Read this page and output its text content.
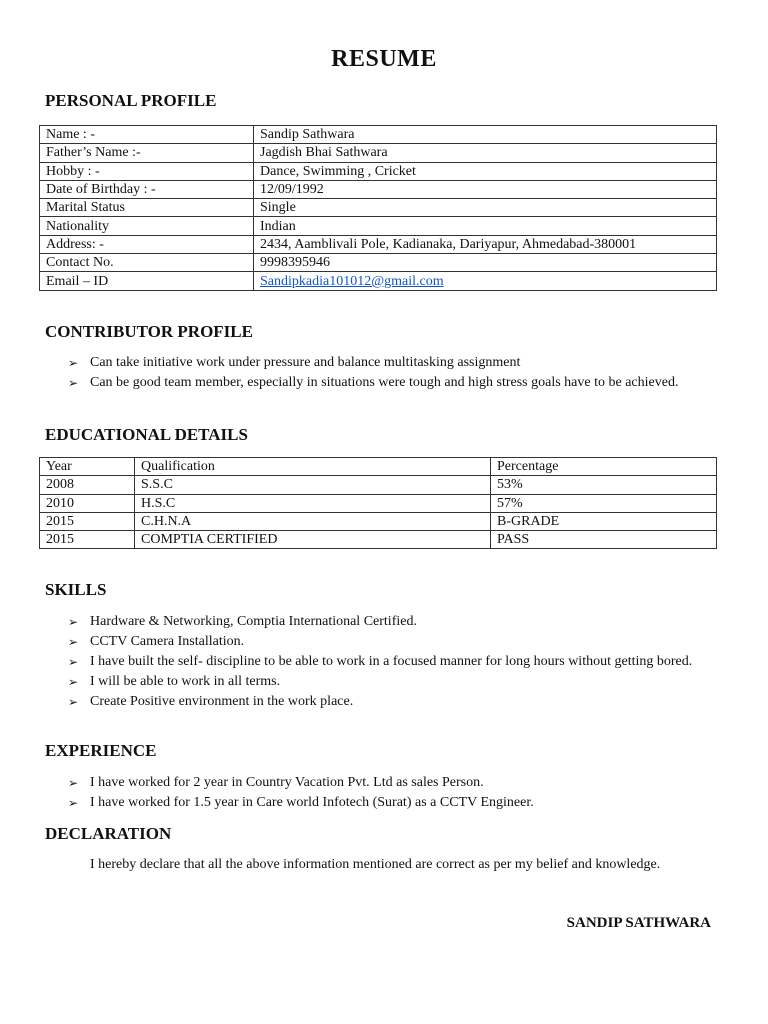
RESUME
PERSONAL PROFILE
Name : -	Sandip Sathwara
Father’s Name :-	Jagdish Bhai Sathwara
Hobby : -	Dance, Swimming , Cricket
Date of Birthday : -	12/09/1992
Marital Status	Single
Nationality	Indian
Address: -	2434, Aamblivali Pole, Kadianaka, Dariyapur, Ahmedabad-380001
Contact No.	9998395946
Email – ID	Sandipkadia101012@gmail.com
CONTRIBUTOR PROFILE
➢ Can take initiative work under pressure and balance multitasking assignment
➢ Can be good team member, especially in situations were tough and high stress goals have to be achieved.
EDUCATIONAL DETAILS
Year	Qualification	Percentage
2008	S.S.C	53%
2010	H.S.C	57%
2015	C.H.N.A	B-GRADE
2015	COMPTIA CERTIFIED	PASS
SKILLS
➢ Hardware & Networking, Comptia International Certified.
➢ CCTV Camera Installation.
➢ I have built the self- discipline to be able to work in a focused manner for long hours without getting bored.
➢ I will be able to work in all terms.
➢ Create Positive environment in the work place.
EXPERIENCE
➢ I have worked for 2 year in Country Vacation Pvt. Ltd as sales Person.
➢ I have worked for 1.5 year in Care world Infotech (Surat) as a CCTV Engineer.
DECLARATION
I hereby declare that all the above information mentioned are correct as per my belief and knowledge.
SANDIP SATHWARA
